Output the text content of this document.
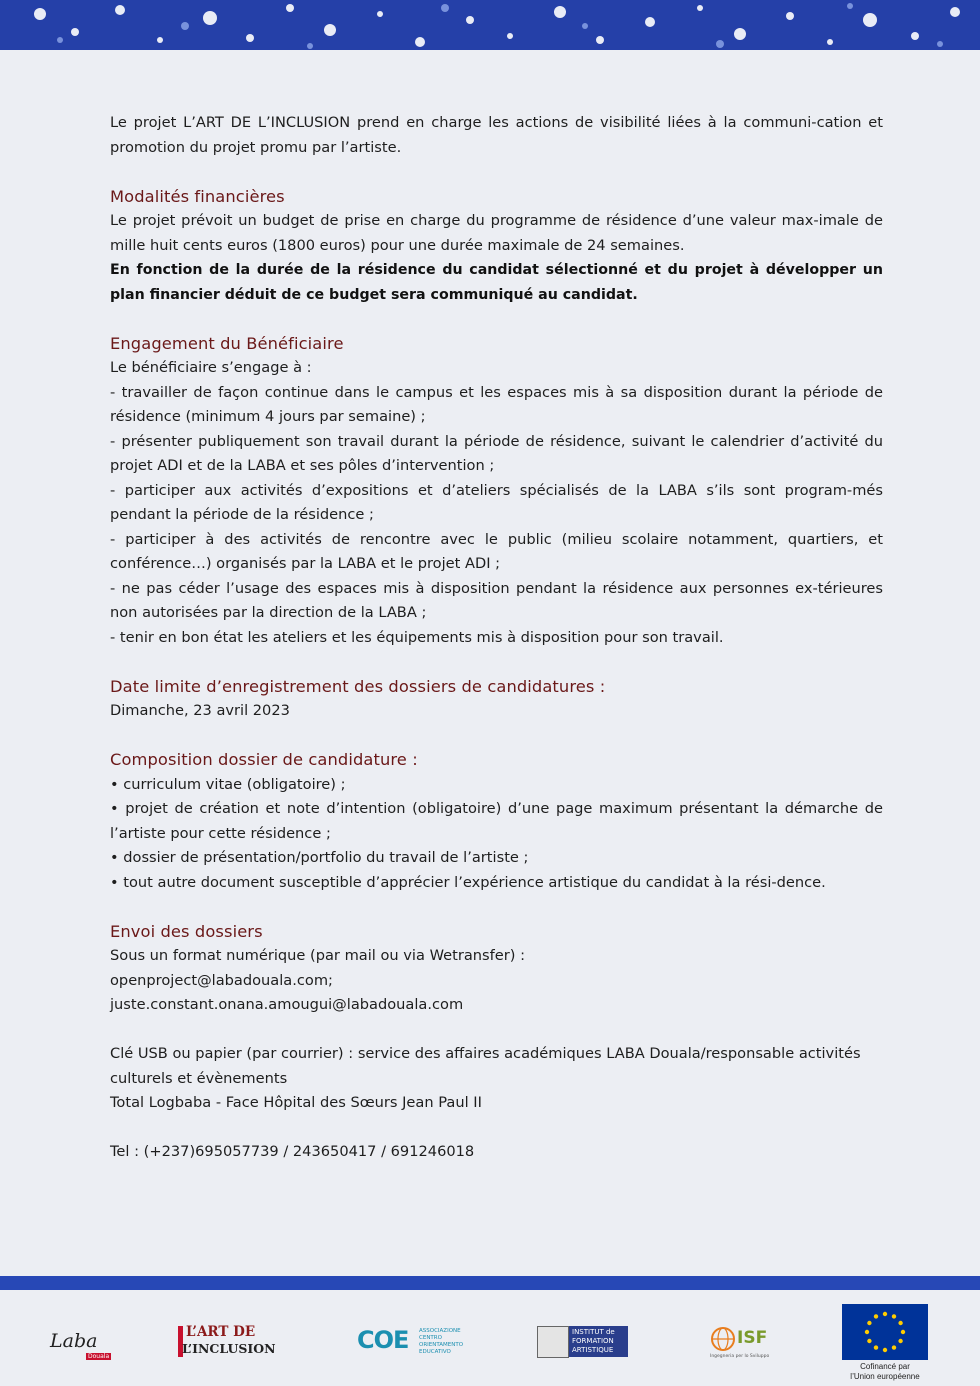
Le projet L’ART DE L’INCLUSION prend en charge les actions de visibilité liées à la communi-cation et promotion du projet promu par l’artiste.

Modalités financières

Le projet prévoit un budget de prise en charge du programme de résidence d’une valeur max-imale de mille huit cents euros (1800 euros) pour une durée maximale de 24 semaines.

En fonction de la durée de la résidence du candidat sélectionné et du projet à développer un plan financier déduit de ce budget sera communiqué au candidat.

Engagement du Bénéficiaire

Le bénéficiaire s’engage à :

- travailler de façon continue dans le campus et les espaces mis à sa disposition durant la période de résidence (minimum 4 jours par semaine) ;

- présenter publiquement son travail durant la période de résidence, suivant le calendrier d’activité du projet ADI et de la LABA et ses pôles d’intervention ;

- participer aux activités d’expositions et d’ateliers spécialisés de la LABA s’ils sont program-més pendant la période de la résidence ;

- participer à des activités de rencontre avec le public (milieu scolaire notamment, quartiers, et conférence…) organisés par la LABA et le projet ADI ;

- ne pas céder l’usage des espaces mis à disposition pendant la résidence aux personnes ex-térieures non autorisées par la direction de la LABA ;

- tenir en bon état les ateliers et les équipements mis à disposition pour son travail.

Date limite d’enregistrement des dossiers de candidatures :

Dimanche, 23 avril 2023

Composition dossier de candidature :

• curriculum vitae (obligatoire) ;

• projet de création et note d’intention (obligatoire) d’une page maximum présentant la démarche de l’artiste pour cette résidence ;

• dossier de présentation/portfolio du travail de l’artiste ;

• tout autre document susceptible d’apprécier l’expérience artistique du candidat à la rési-dence.

Envoi des dossiers

Sous un format numérique (par mail ou via Wetransfer) :

openproject@labadouala.com;

juste.constant.onana.amougui@labadouala.com

Clé USB ou papier (par courrier) : service des affaires académiques LABA Douala/responsable activités culturels et évènements

Total Logbaba - Face Hôpital des Sœurs Jean Paul II

Tel : (+237)695057739 / 243650417 / 691246018

Laba
Douala
L’ART DE
L’INCLUSION	COE ASSOCIAZIONE
CENTRO
ORIENTAMENTO
EDUCATIVO
INSTITUT de
FORMATION
ARTISTIQUE
ISF
Ingegneria per lo Sviluppo
Cofinancé par
l’Union européenne
